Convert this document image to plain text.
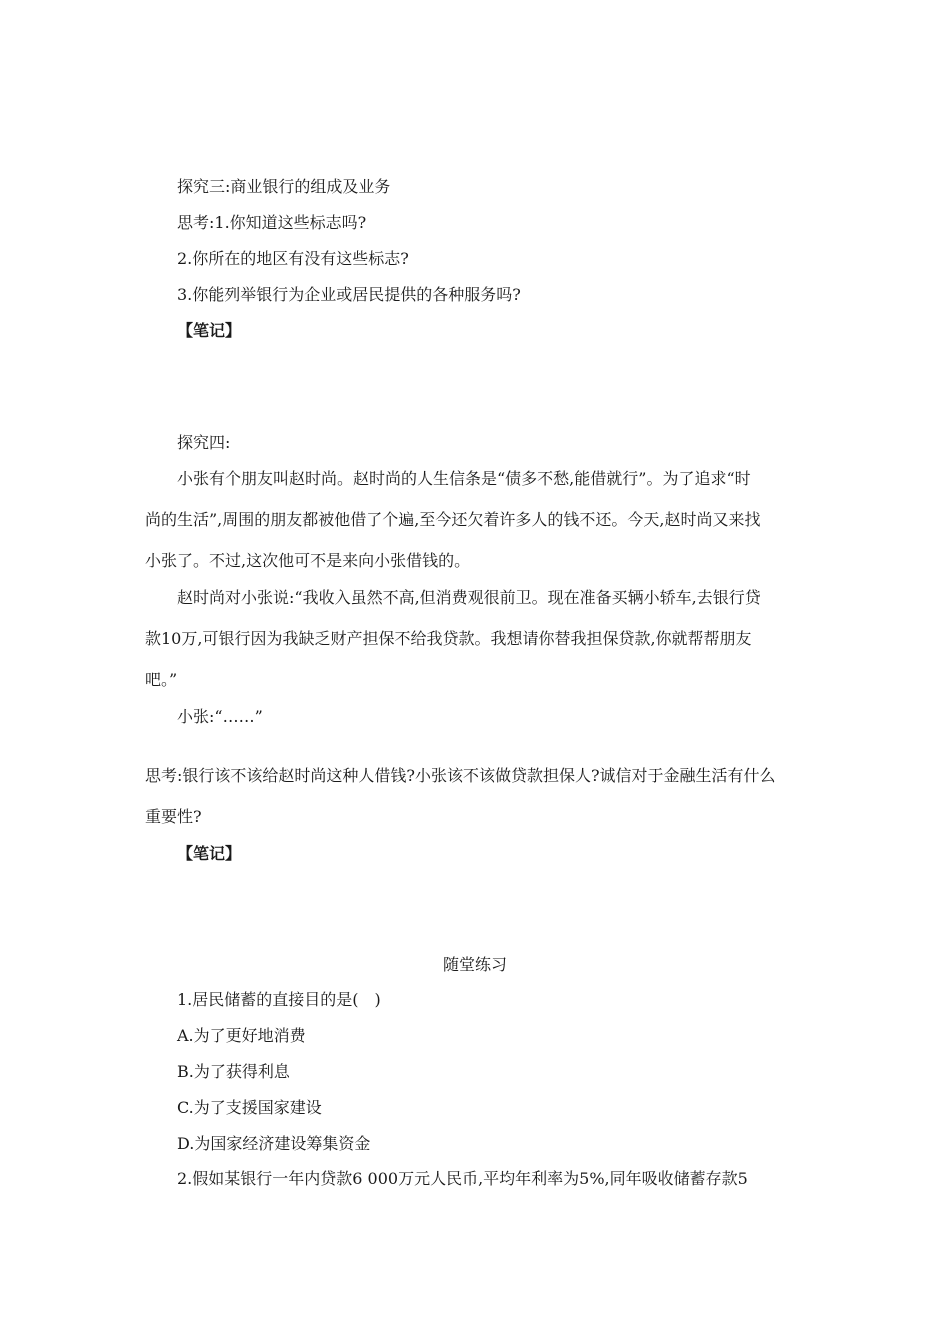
探究三:商业银行的组成及业务
思考:1.你知道这些标志吗?
2.你所在的地区有没有这些标志?
3.你能列举银行为企业或居民提供的各种服务吗?
【笔记】
探究四:
小张有个朋友叫赵时尚。赵时尚的人生信条是“债多不愁,能借就行”。为了追求“时
尚的生活”,周围的朋友都被他借了个遍,至今还欠着许多人的钱不还。今天,赵时尚又来找
小张了。不过,这次他可不是来向小张借钱的。
赵时尚对小张说:“我收入虽然不高,但消费观很前卫。现在准备买辆小轿车,去银行贷
款10万,可银行因为我缺乏财产担保不给我贷款。我想请你替我担保贷款,你就帮帮朋友
吧。”
小张:“……”
思考:银行该不该给赵时尚这种人借钱?小张该不该做贷款担保人?诚信对于金融生活有什么
重要性?
【笔记】
随堂练习
1.居民储蓄的直接目的是(　)
A.为了更好地消费
B.为了获得利息
C.为了支援国家建设
D.为国家经济建设筹集资金
2.假如某银行一年内贷款6 000万元人民币,平均年利率为5%,同年吸收储蓄存款5
